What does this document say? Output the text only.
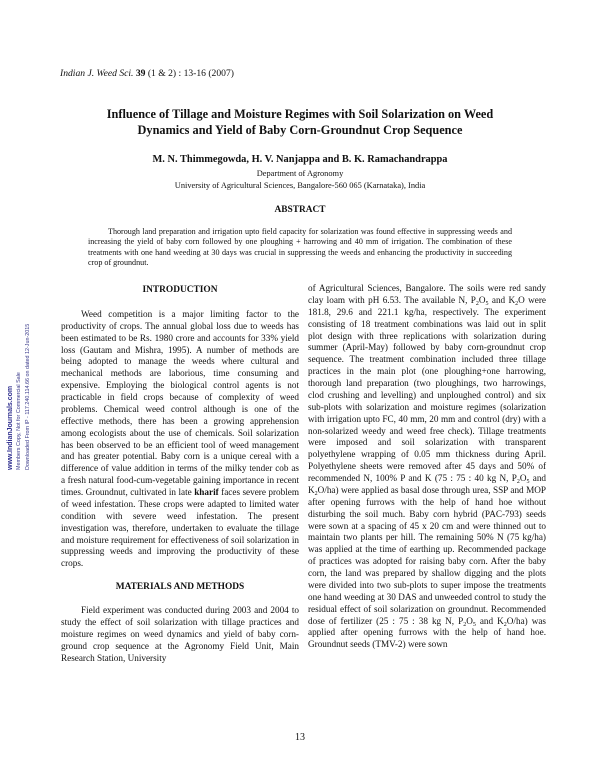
Indian J. Weed Sci. 39 (1 & 2) : 13-16 (2007)
Influence of Tillage and Moisture Regimes with Soil Solarization on Weed
Dynamics and Yield of Baby Corn-Groundnut Crop Sequence
M. N. Thimmegowda, H. V. Nanjappa and B. K. Ramachandrappa
Department of Agronomy
University of Agricultural Sciences, Bangalore-560 065 (Karnataka), India
ABSTRACT
Thorough land preparation and irrigation upto field capacity for solarization was found effective in suppressing weeds and increasing the yield of baby corn followed by one ploughing + harrowing and 40 mm of irrigation. The combination of these treatments with one hand weeding at 30 days was crucial in suppressing the weeds and enhancing the productivity in succeeding crop of groundnut.
www.IndianJournals.com Members Copy, Not for Commercial Sale Downloaded From IP - 117.240.114.66 on dated 12-Jun-2015

INTRODUCTION

Weed competition is a major limiting factor to the productivity of crops. The annual global loss due to weeds has been estimated to be Rs. 1980 crore and accounts for 33% yield loss (Gautam and Mishra, 1995). A number of methods are being adopted to manage the weeds where cultural and mechanical methods are laborious, time consuming and expensive. Employing the biological control agents is not practicable in field crops because of complexity of weed problems. Chemical weed control although is one of the effective methods, there has been a growing apprehension among ecologists about the use of chemicals. Soil solarization has been observed to be an efficient tool of weed management and has greater potential. Baby corn is a unique cereal with a difference of value addition in terms of the milky tender cob as a fresh natural food-cum-vegetable gaining importance in recent times. Groundnut, cultivated in late kharif faces severe problem of weed infestation. These crops were adapted to limited water condition with severe weed infestation. The present investigation was, therefore, undertaken to evaluate the tillage and moisture requirement for effectiveness of soil solarization in suppressing weeds and improving the productivity of these crops.

MATERIALS AND METHODS

Field experiment was conducted during 2003 and 2004 to study the effect of soil solarization with tillage practices and moisture regimes on weed dynamics and yield of baby corn-ground crop sequence at the Agronomy Field Unit, Main Research Station, University

of Agricultural Sciences, Bangalore. The soils were red sandy clay loam with pH 6.53. The available N, $P_2O_5$ and $K_2O$ were 181.8, 29.6 and 221.1 kg/ha, respectively. The experiment consisting of 18 treatment combinations was laid out in split plot design with three replications with solarization during summer (April-May) followed by baby corn-groundnut crop sequence. The treatment combination included three tillage practices in the main plot (one ploughing+one harrowing, thorough land preparation (two ploughings, two harrowings, clod crushing and levelling) and unploughed control) and six sub-plots with solarization and moisture regimes (solarization with irrigation upto FC, 40 mm, 20 mm and control (dry) with a non-solarized weedy and weed free check). Tillage treatments were imposed and soil solarization with transparent polyethylene wrapping of 0.05 mm thickness during April. Polyethylene sheets were removed after 45 days and 50% of recommended N, 100% P and K (75 : 75 : 40 kg N, $P_2O_5$ and $K_2O/ha$) were applied as basal dose through urea, SSP and MOP after opening furrows with the help of hand hoe without disturbing the soil much. Baby corn hybrid (PAC-793) seeds were sown at a spacing of 45 x 20 cm and were thinned out to maintain two plants per hill. The remaining 50% N (75 kg/ha) was applied at the time of earthing up. Recommended package of practices was adopted for raising baby corn. After the baby corn, the land was prepared by shallow digging and the plots were divided into two sub-plots to super impose the treatments one hand weeding at 30 DAS and unweeded control to study the residual effect of soil solarization on groundnut. Recommended dose of fertilizer (25 : 75 : 38 kg N, $P_2O_5$ and $K_2O/ha$) was applied after opening furrows with the help of hand hoe. Groundnut seeds (TMV-2) were sown

13
